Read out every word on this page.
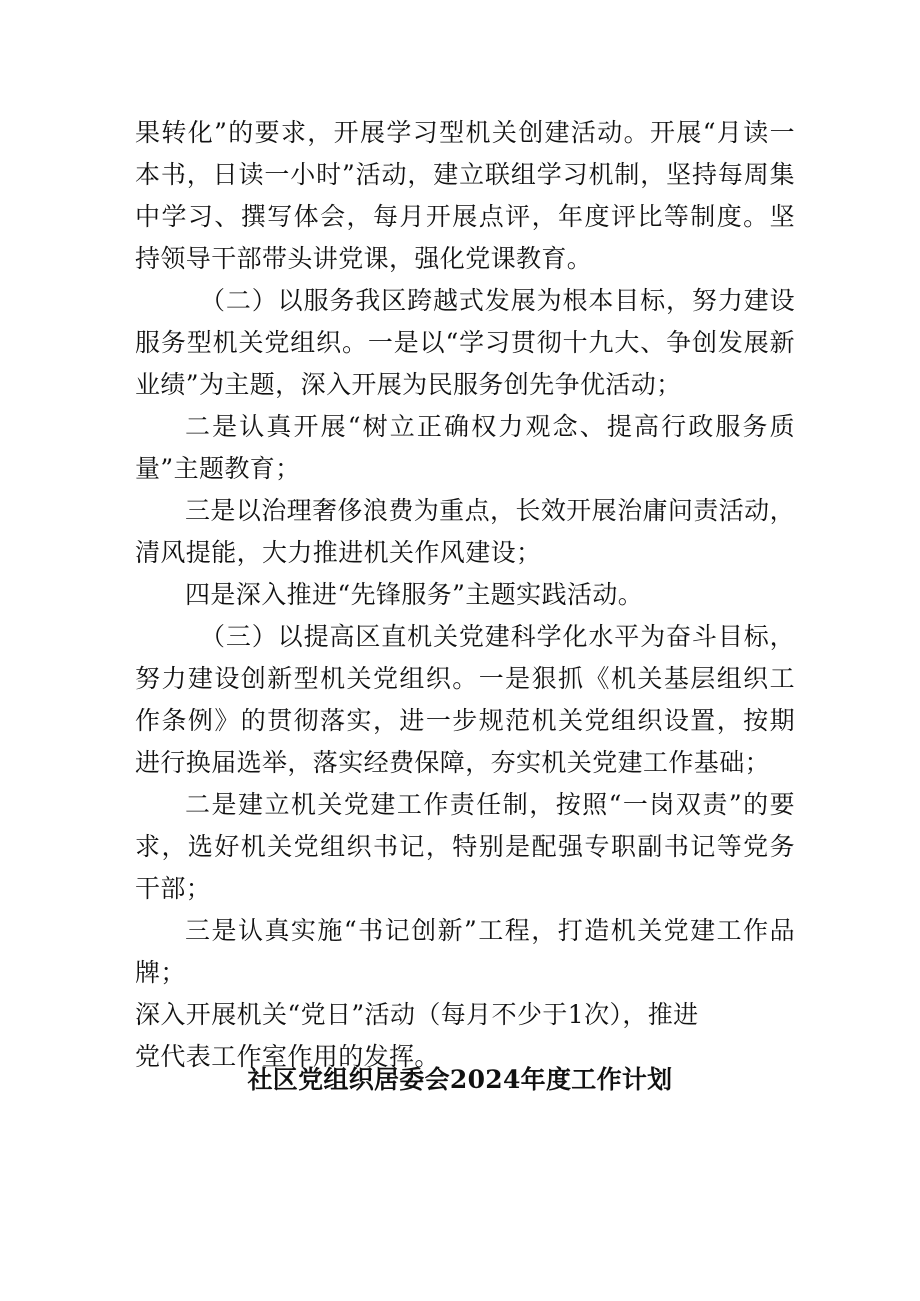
果转化”的要求，开展学习型机关创建活动。开展“月读一本书，日读一小时”活动，建立联组学习机制，坚持每周集中学习、撰写体会，每月开展点评，年度评比等制度。坚持领导干部带头讲党课，强化党课教育。

（二）以服务我区跨越式发展为根本目标，努力建设服务型机关党组织。一是以“学习贯彻十九大、争创发展新业绩”为主题，深入开展为民服务创先争优活动；

二是认真开展“树立正确权力观念、提高行政服务质量”主题教育；

三是以治理奢侈浪费为重点，长效开展治庸问责活动，清风提能，大力推进机关作风建设；

四是深入推进“先锋服务”主题实践活动。

（三）以提高区直机关党建科学化水平为奋斗目标，努力建设创新型机关党组织。一是狠抓《机关基层组织工作条例》的贯彻落实，进一步规范机关党组织设置，按期进行换届选举，落实经费保障，夯实机关党建工作基础；

二是建立机关党建工作责任制，按照“一岗双责”的要求，选好机关党组织书记，特别是配强专职副书记等党务干部；

三是认真实施“书记创新”工程，打造机关党建工作品牌；

深入开展机关“党日”活动（每月不少于1次），推进

党代表工作室作用的发挥。

社区党组织居委会2024年度工作计划
